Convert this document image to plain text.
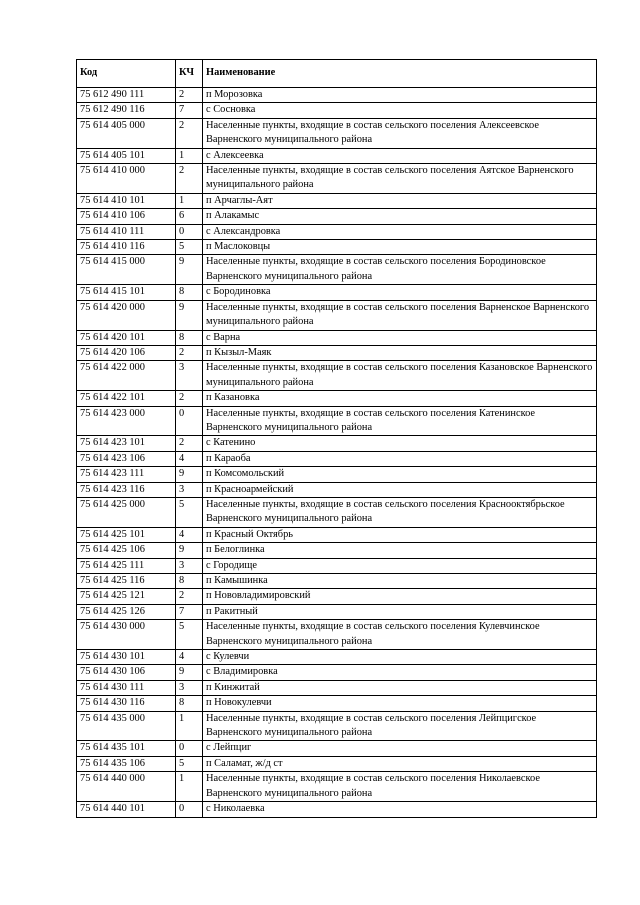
Код	КЧ	Наименование
75 612 490 111	2	п Морозовка
75 612 490 116	7	с Сосновка
75 614 405 000	2	Населенные пункты, входящие в состав сельского поселения Алексеевское Варненского муниципального района
75 614 405 101	1	с Алексеевка
75 614 410 000	2	Населенные пункты, входящие в состав сельского поселения Аятское Варненского муниципального района
75 614 410 101	1	п Арчаглы-Аят
75 614 410 106	6	п Алакамыс
75 614 410 111	0	с Александровка
75 614 410 116	5	п Маслоковцы
75 614 415 000	9	Населенные пункты, входящие в состав сельского поселения Бородиновское Варненского муниципального района
75 614 415 101	8	с Бородиновка
75 614 420 000	9	Населенные пункты, входящие в состав сельского поселения Варненское Варненского муниципального района
75 614 420 101	8	с Варна
75 614 420 106	2	п Кызыл-Маяк
75 614 422 000	3	Населенные пункты, входящие в состав сельского поселения Казановское Варненского муниципального района
75 614 422 101	2	п Казановка
75 614 423 000	0	Населенные пункты, входящие в состав сельского поселения Катенинское Варненского муниципального района
75 614 423 101	2	с Катенино
75 614 423 106	4	п Караоба
75 614 423 111	9	п Комсомольский
75 614 423 116	3	п Красноармейский
75 614 425 000	5	Населенные пункты, входящие в состав сельского поселения Краснооктябрьское Варненского муниципального района
75 614 425 101	4	п Красный Октябрь
75 614 425 106	9	п Белоглинка
75 614 425 111	3	с Городище
75 614 425 116	8	п Камышинка
75 614 425 121	2	п Нововладимировский
75 614 425 126	7	п Ракитный
75 614 430 000	5	Населенные пункты, входящие в состав сельского поселения Кулевчинское Варненского муниципального района
75 614 430 101	4	с Кулевчи
75 614 430 106	9	с Владимировка
75 614 430 111	3	п Кинжитай
75 614 430 116	8	п Новокулевчи
75 614 435 000	1	Населенные пункты, входящие в состав сельского поселения Лейпцигское Варненского муниципального района
75 614 435 101	0	с Лейпциг
75 614 435 106	5	п Саламат, ж/д ст
75 614 440 000	1	Населенные пункты, входящие в состав сельского поселения Николаевское Варненского муниципального района
75 614 440 101	0	с Николаевка
